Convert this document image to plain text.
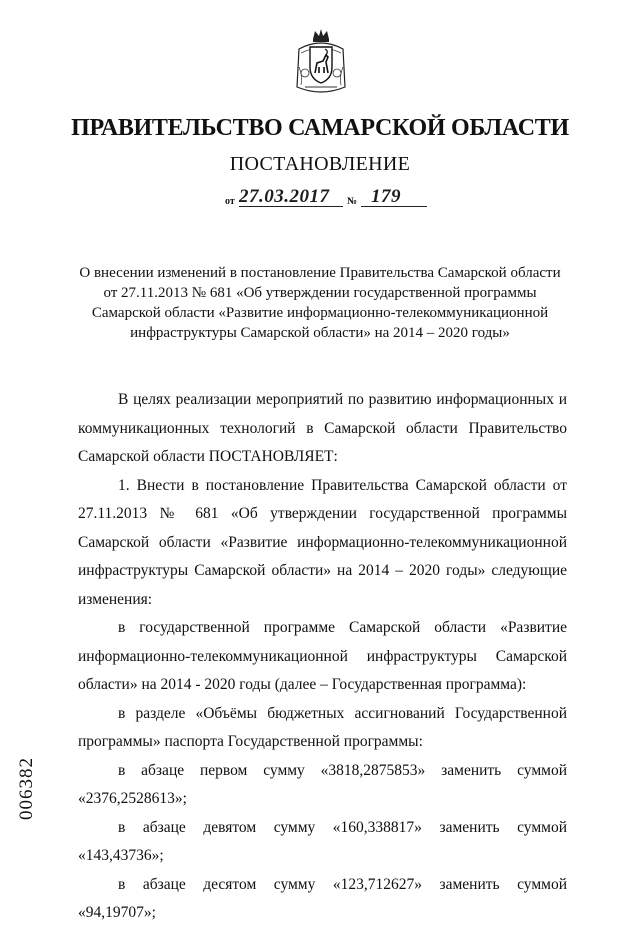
ПРАВИТЕЛЬСТВО САМАРСКОЙ ОБЛАСТИ
ПОСТАНОВЛЕНИЕ
от 27.03.2017 № 179
О внесении изменений в постановление Правительства Самарской области
от 27.11.2013 № 681 «Об утверждении государственной программы
Самарской области «Развитие информационно-телекоммуникационной
инфраструктуры Самарской области» на 2014 – 2020 годы»

В целях реализации мероприятий по развитию информационных и коммуникационных технологий в Самарской области Правительство Самарской области ПОСТАНОВЛЯЕТ:

1. Внести в постановление Правительства Самарской области от 27.11.2013 № 681 «Об утверждении государственной программы Самарской области «Развитие информационно-телекоммуникационной инфраструктуры Самарской области» на 2014 – 2020 годы» следующие изменения:

в государственной программе Самарской области «Развитие информационно-телекоммуникационной инфраструктуры Самарской области» на 2014 - 2020 годы (далее – Государственная программа):

в разделе «Объёмы бюджетных ассигнований Государственной программы» паспорта Государственной программы:

в абзаце первом сумму «3818,2875853» заменить суммой «2376,2528613»;

в абзаце девятом сумму «160,338817» заменить суммой «143,43736»;

в абзаце десятом сумму «123,712627» заменить суммой «94,19707»;

006382
